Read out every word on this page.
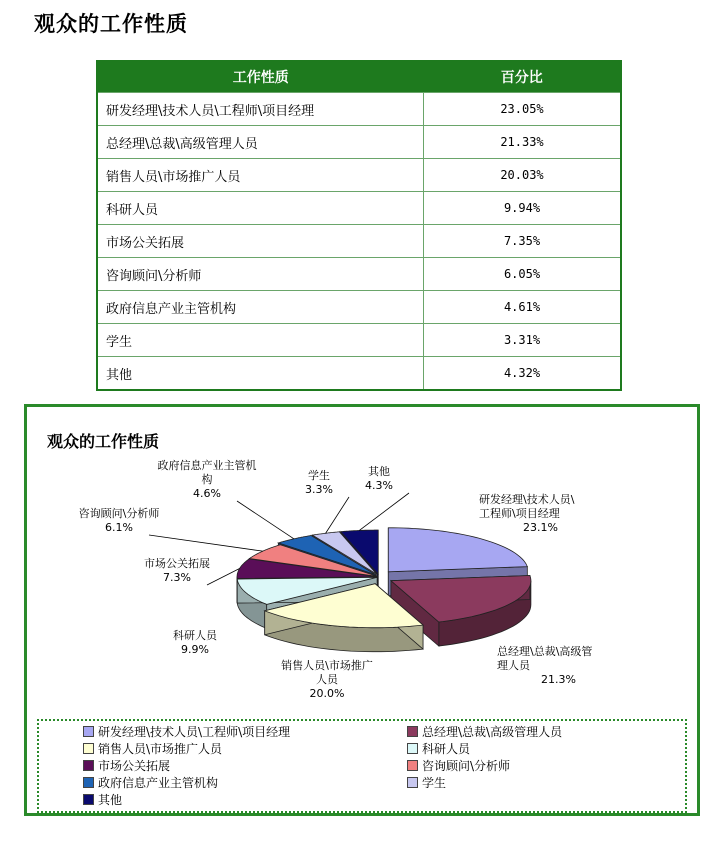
观众的工作性质
工作性质	百分比
研发经理\技术人员\工程师\项目经理	23.05%
总经理\总裁\高级管理人员	21.33%
销售人员\市场推广人员	20.03%
科研人员	9.94%
市场公关拓展	7.35%
咨询顾问\分析师	6.05%
政府信息产业主管机构	4.61%
学生	3.31%
其他	4.32%
观众的工作性质
研发经理\技术人员\工程师\项目经理 23.1%
总经理\总裁\高级管理人员21.3%
销售人员\市场推广人员 20.0%
科研人员 9.9%
市场公关拓展 7.3%
咨询顾问\分析师 6.1%
政府信息产业主管机构 4.6%
学生 3.3%
其他 4.3%
研发经理\技术人员\工程师\项目经理	总经理\总裁\高级管理人员
销售人员\市场推广人员	科研人员
市场公关拓展	咨询顾问\分析师
政府信息产业主管机构	学生
其他
